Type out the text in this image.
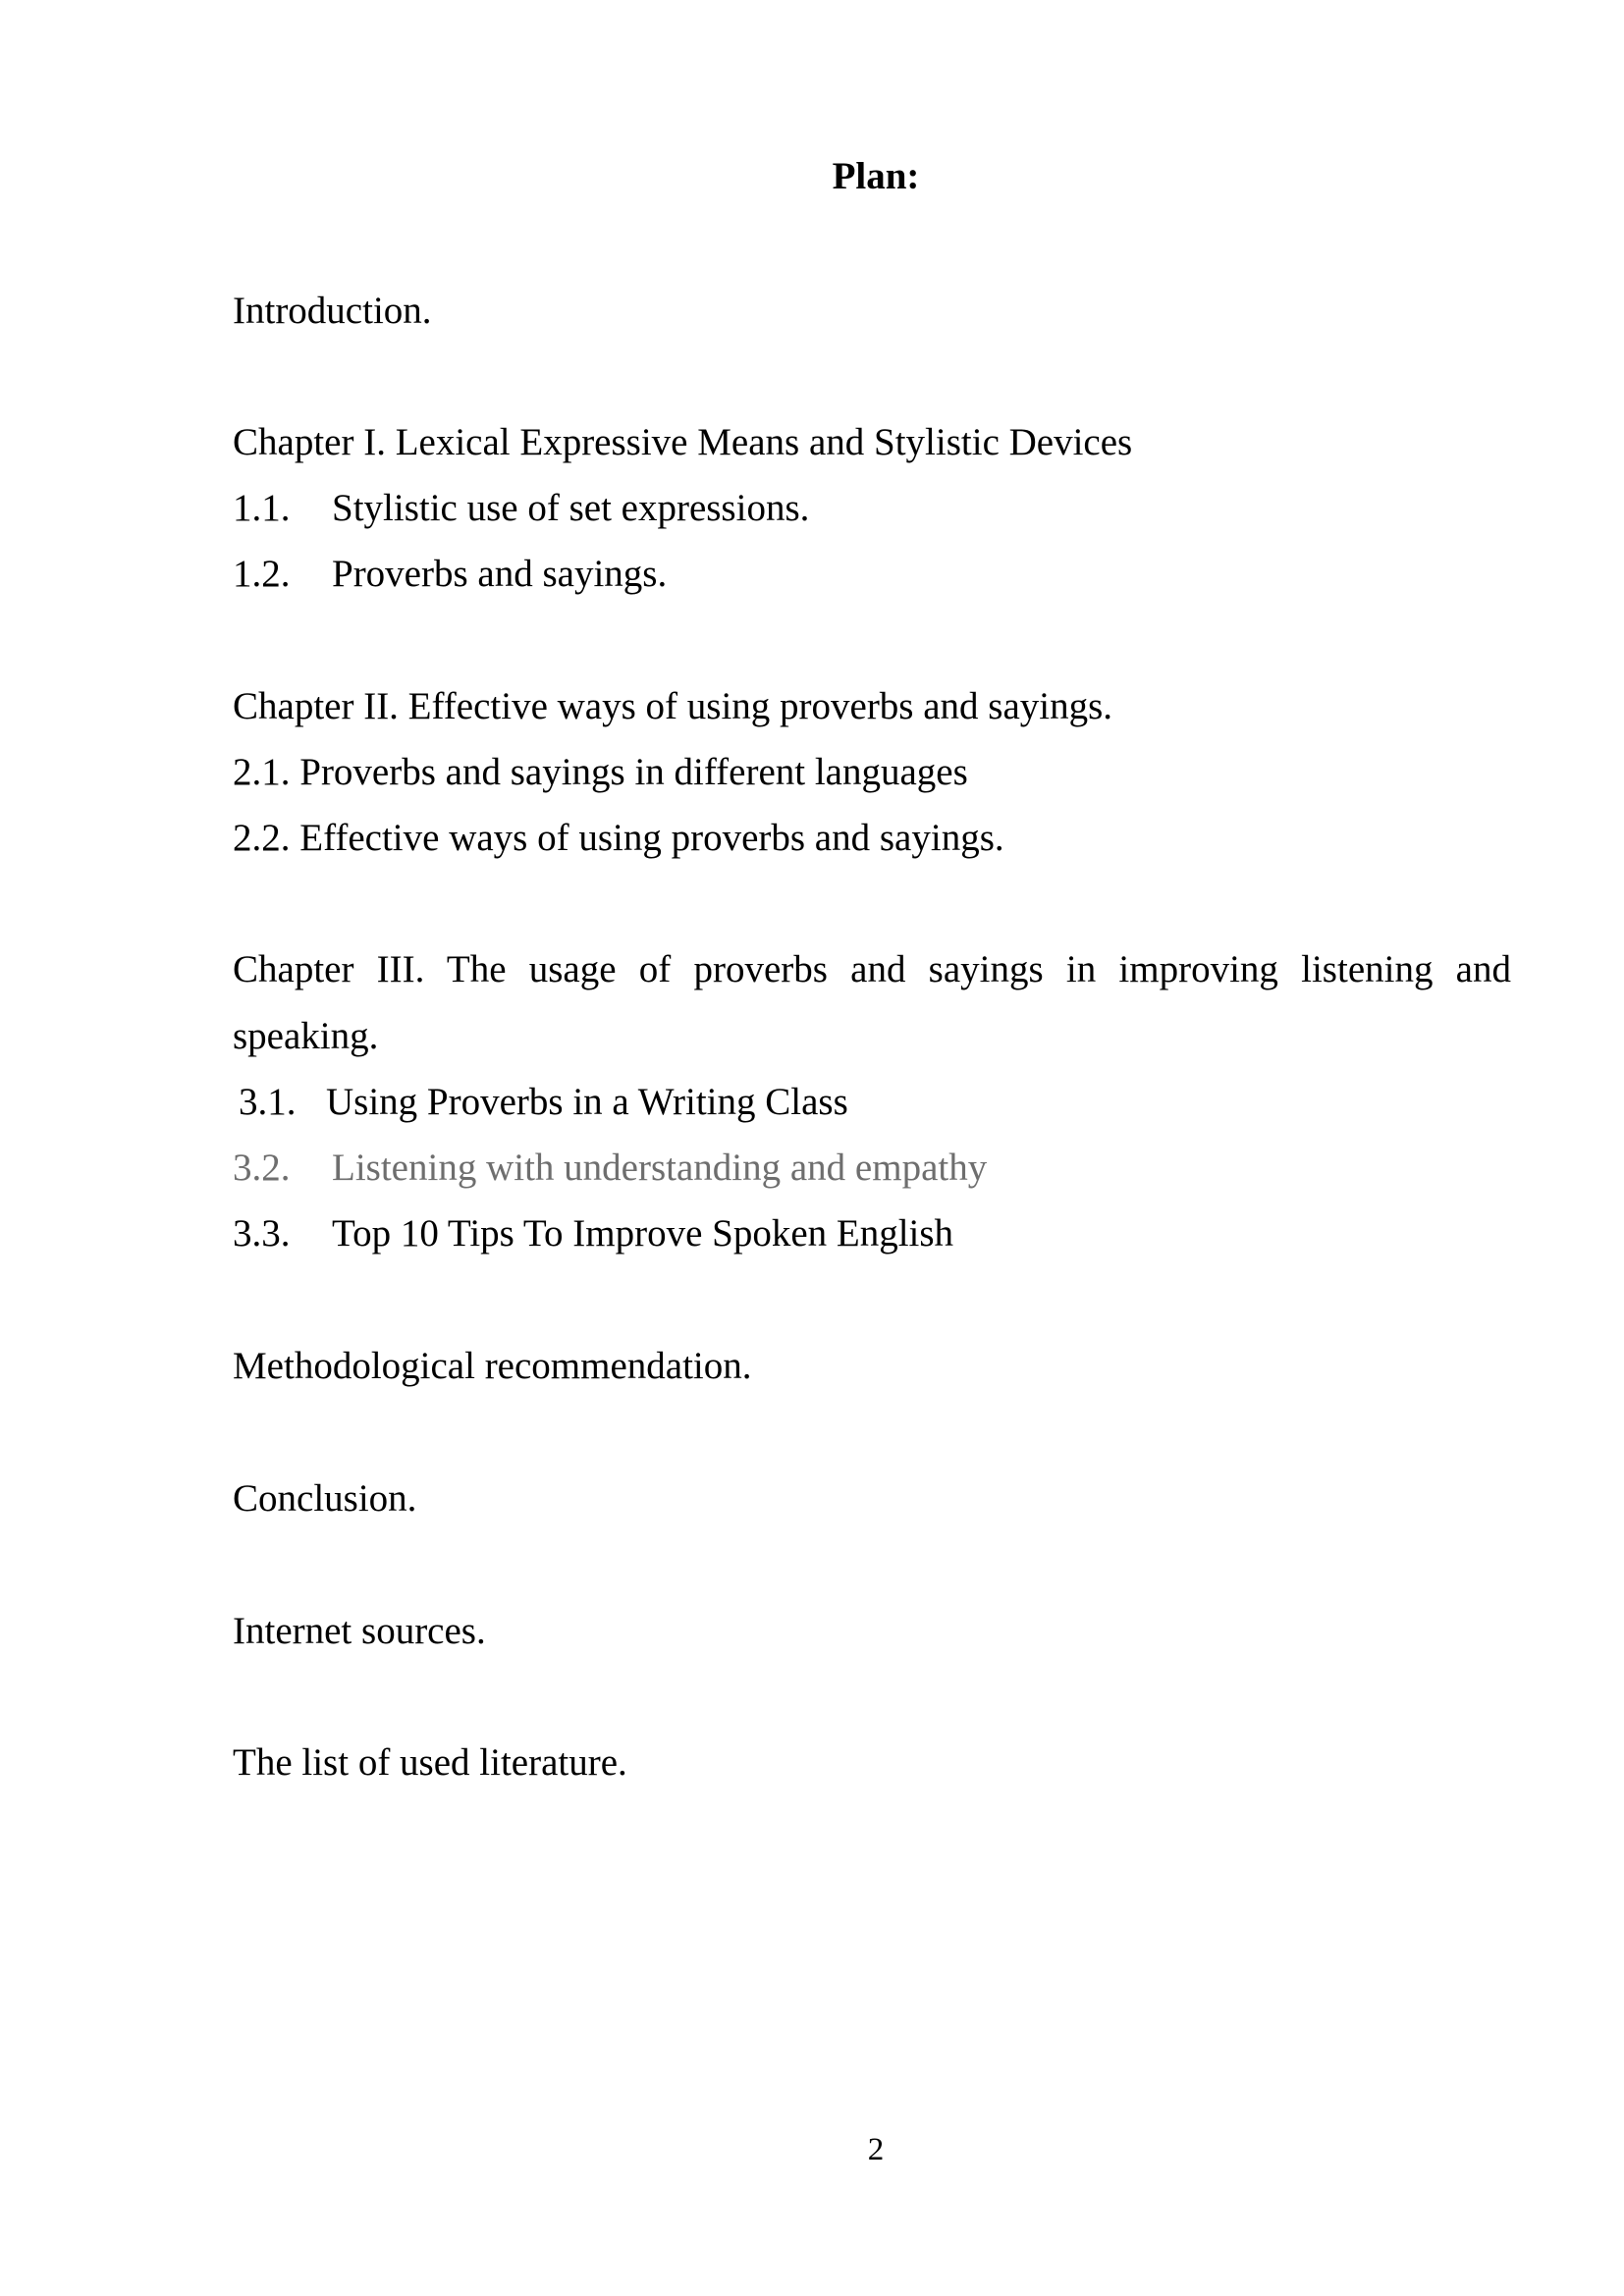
Plan:

Introduction.

Chapter I. Lexical Expressive Means and Stylistic Devices

1.1. Stylistic use of set expressions.

1.2. Proverbs and sayings.

Chapter II. Effective ways of using proverbs and sayings.

2.1. Proverbs and sayings in different languages

2.2. Effective ways of using proverbs and sayings.

Chapter III. The usage of proverbs and sayings in improving listening and speaking.

3.1. Using Proverbs in a Writing Class

3.2. Listening with understanding and empathy

3.3. Top 10 Tips To Improve Spoken English

Methodological recommendation.

Conclusion.

Internet sources.

The list of used literature.

2
